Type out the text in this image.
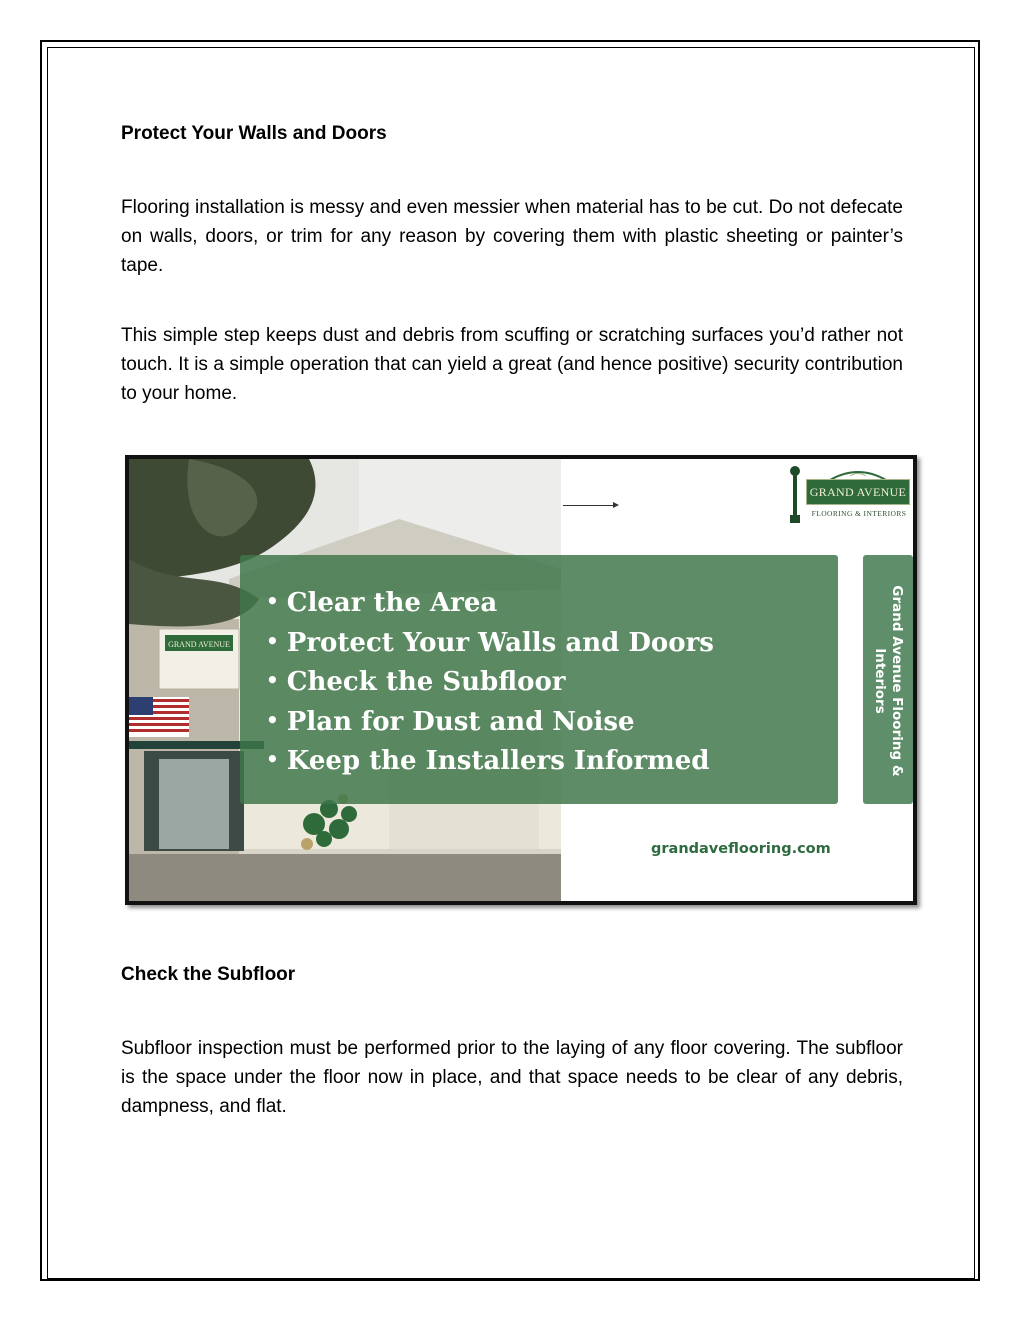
Protect Your Walls and Doors

Flooring installation is messy and even messier when material has to be cut. Do not defecate on walls, doors, or trim for any reason by covering them with plastic sheeting or painter’s tape.

This simple step keeps dust and debris from scuffing or scratching surfaces you’d rather not touch. It is a simple operation that can yield a great (and hence positive) security contribution to your home.

GRAND AVENUE
GRAND AVENUE
FLOORING & INTERIORS
• Clear the Area
• Protect Your Walls and Doors
• Check the Subfloor
• Plan for Dust and Noise
• Keep the Installers Informed	Grand Avenue Flooring & Interiors
grandaveflooring.com
Check the Subfloor

Subfloor inspection must be performed prior to the laying of any floor covering. The subfloor is the space under the floor now in place, and that space needs to be clear of any debris, dampness, and flat.
